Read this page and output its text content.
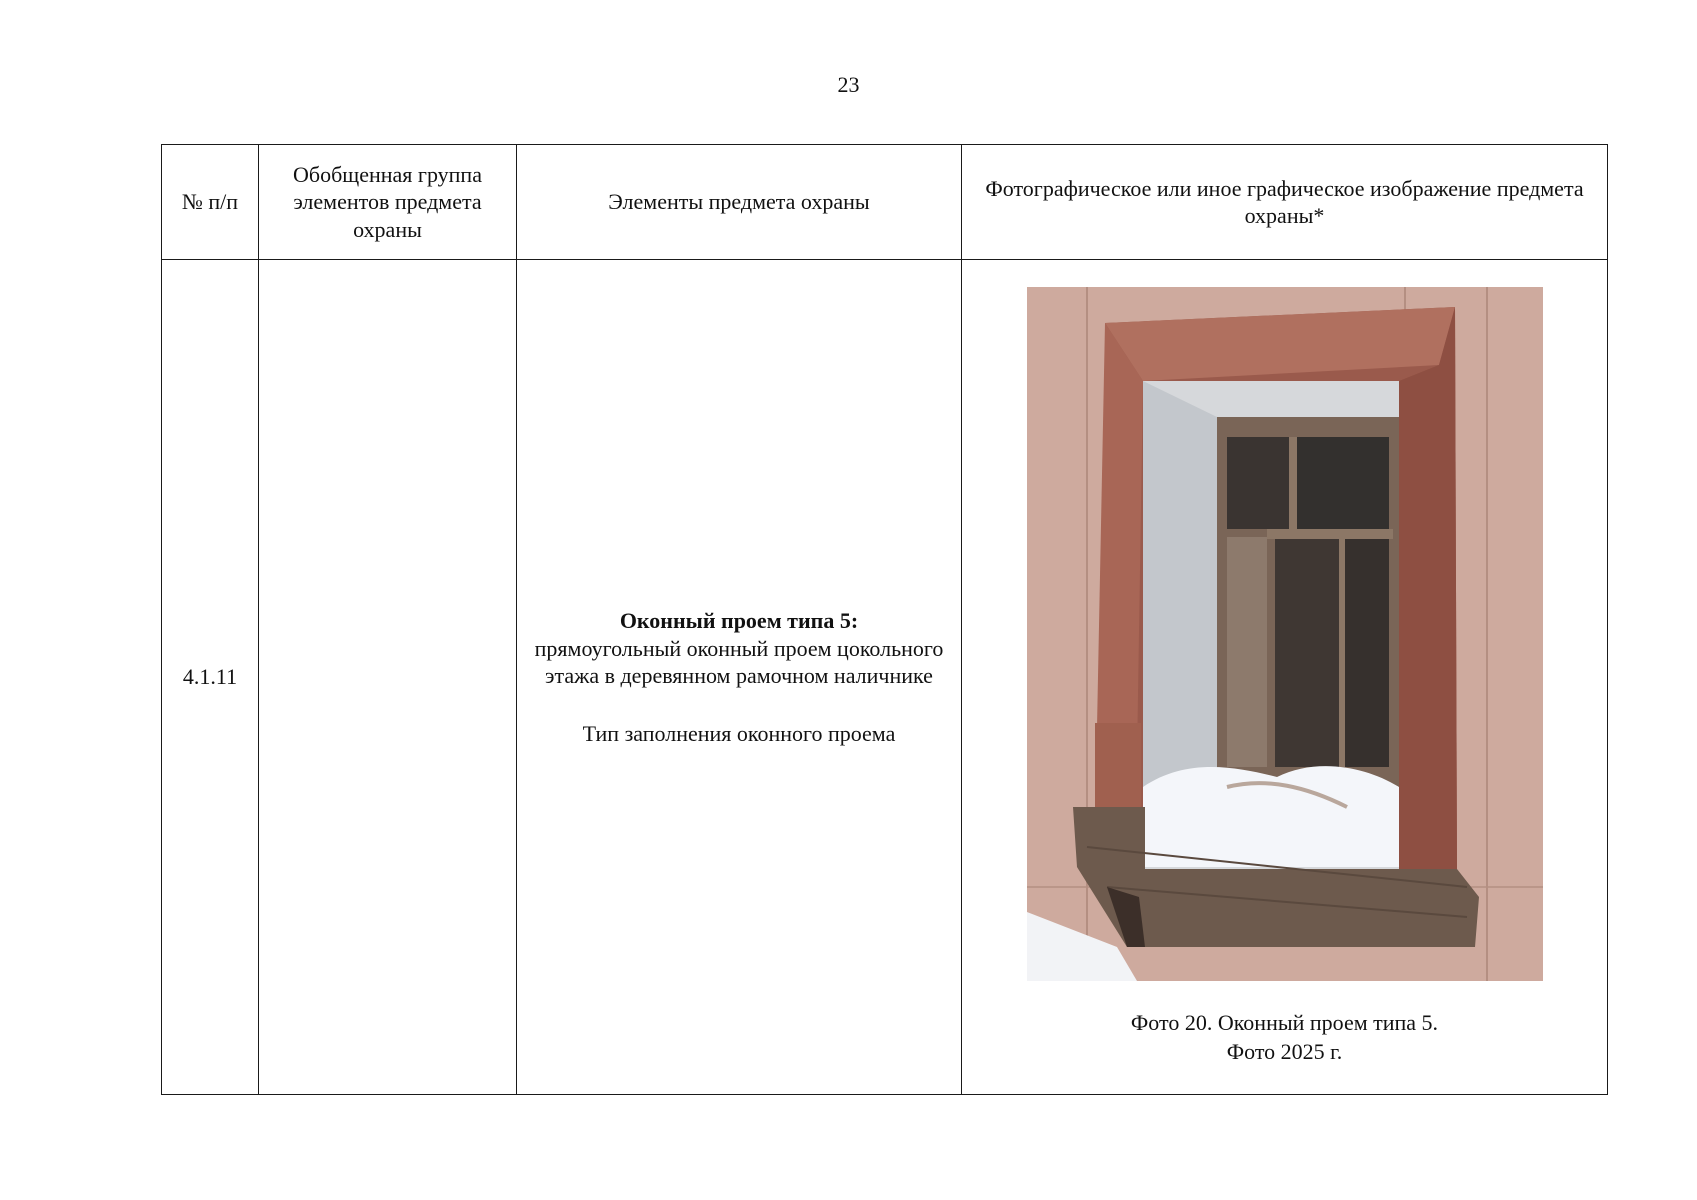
23
№ п/п	Обобщенная группа элементов предмета охраны	Элементы предмета охраны	Фотографическое или иное графическое изображение предмета охраны*
4.1.11		Оконный проем типа 5:
прямоугольный оконный проем цокольного этажа в деревянном рамочном наличнике
Тип заполнения оконного проема	Фото 20. Оконный проем типа 5.
Фото 2025 г.
